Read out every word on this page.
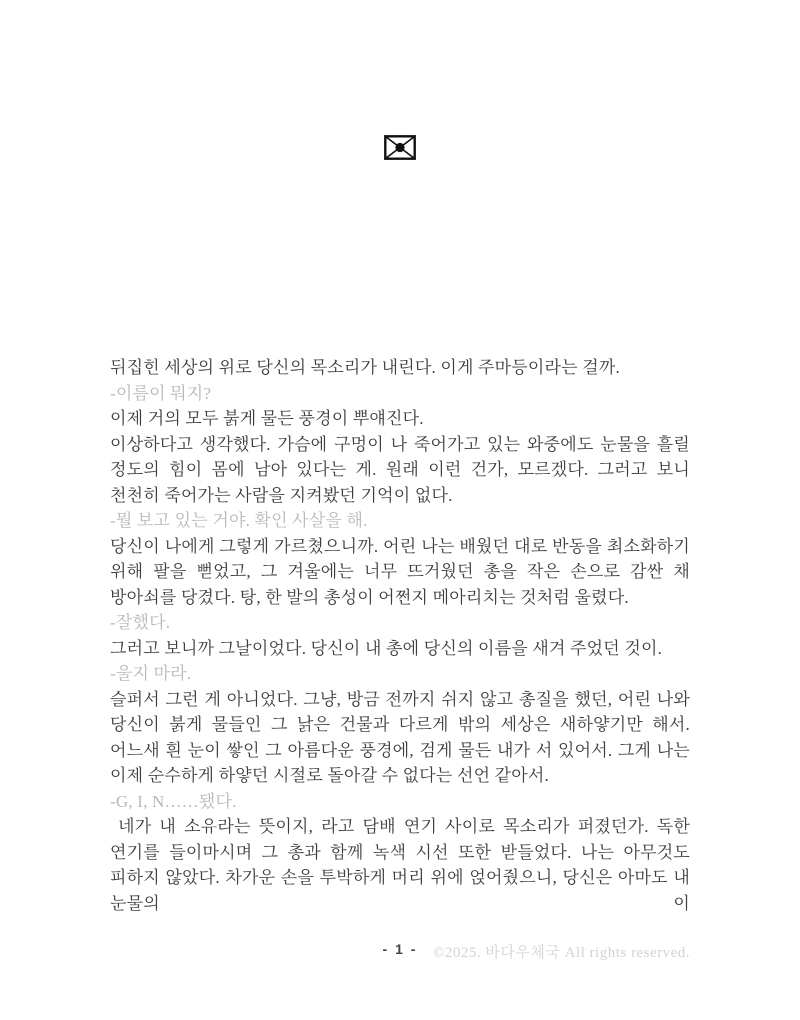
뒤집힌 세상의 위로 당신의 목소리가 내린다. 이게 주마등이라는 걸까.

-이름이 뭐지?

이제 거의 모두 붉게 물든 풍경이 뿌얘진다.

이상하다고 생각했다. 가슴에 구멍이 나 죽어가고 있는 와중에도 눈물을 흘릴 정도의 힘이 몸에 남아 있다는 게. 원래 이런 건가, 모르겠다. 그러고 보니 천천히 죽어가는 사람을 지켜봤던 기억이 없다.

-뭘 보고 있는 거야. 확인 사살을 해.

당신이 나에게 그렇게 가르쳤으니까. 어린 나는 배웠던 대로 반동을 최소화하기 위해 팔을 뻗었고, 그 겨울에는 너무 뜨거웠던 총을 작은 손으로 감싼 채 방아쇠를 당겼다. 탕, 한 발의 총성이 어쩐지 메아리치는 것처럼 울렸다.

-잘했다.

그러고 보니까 그날이었다. 당신이 내 총에 당신의 이름을 새겨 주었던 것이.

-울지 마라.

슬퍼서 그런 게 아니었다. 그냥, 방금 전까지 쉬지 않고 총질을 했던, 어린 나와 당신이 붉게 물들인 그 낡은 건물과 다르게 밖의 세상은 새하얗기만 해서. 어느새 흰 눈이 쌓인 그 아름다운 풍경에, 검게 물든 내가 서 있어서. 그게 나는 이제 순수하게 하얗던 시절로 돌아갈 수 없다는 선언 같아서.

-G, I, N……됐다.

네가 내 소유라는 뜻이지, 라고 담배 연기 사이로 목소리가 퍼졌던가. 독한 연기를 들이마시며 그 총과 함께 녹색 시선 또한 받들었다. 나는 아무것도 피하지 않았다. 차가운 손을 투박하게 머리 위에 얹어줬으니, 당신은 아마도 내 눈물의 이

- 1 -	©2025. 바다우체국 All rights reserved.
